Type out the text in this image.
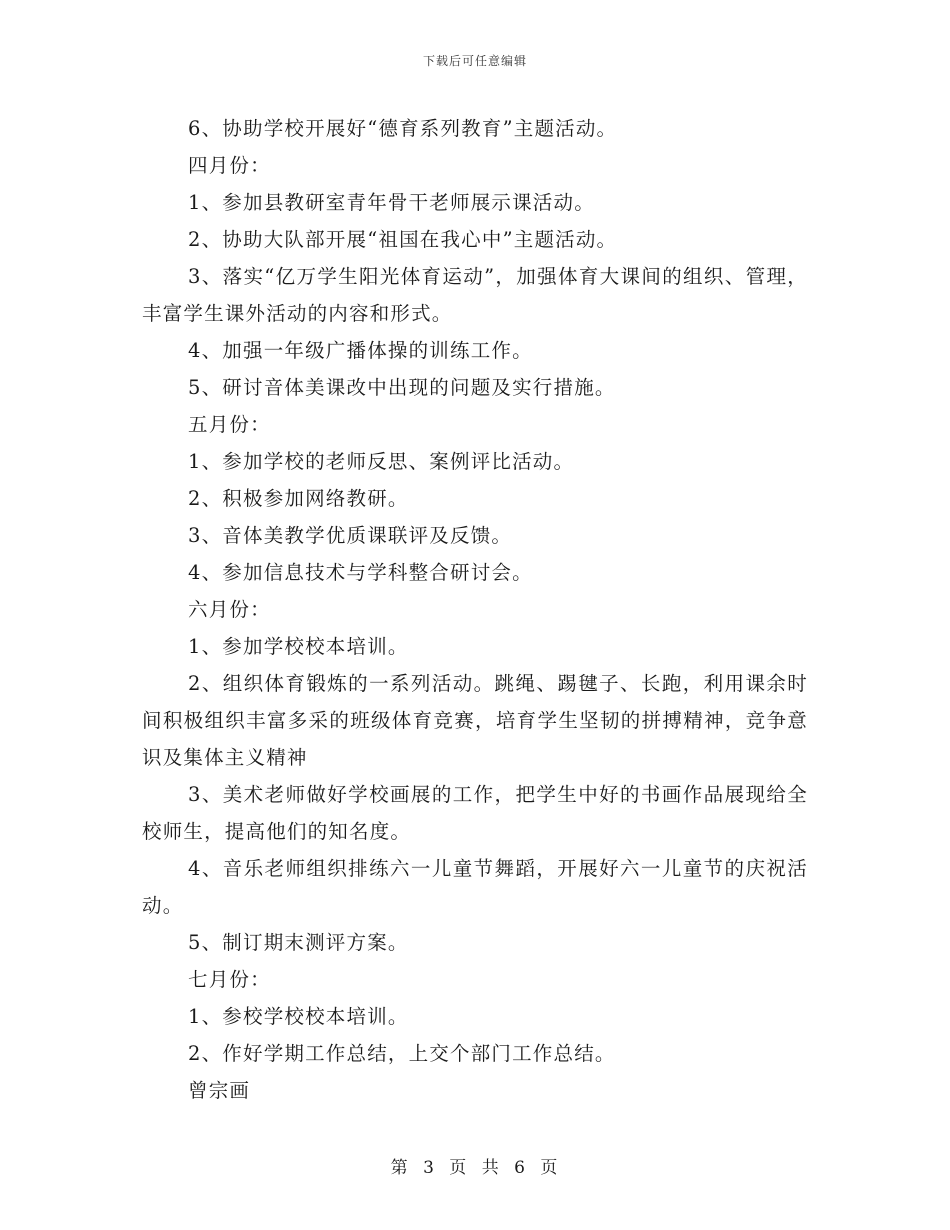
下载后可任意编辑

6、协助学校开展好“德育系列教育”主题活动。

四月份：

1、参加县教研室青年骨干老师展示课活动。

2、协助大队部开展“祖国在我心中”主题活动。

3、落实“亿万学生阳光体育运动”，加强体育大课间的组织、管理，丰富学生课外活动的内容和形式。

4、加强一年级广播体操的训练工作。

5、研讨音体美课改中出现的问题及实行措施。

五月份：

1、参加学校的老师反思、案例评比活动。

2、积极参加网络教研。

3、音体美教学优质课联评及反馈。

4、参加信息技术与学科整合研讨会。

六月份：

1、参加学校校本培训。

2、组织体育锻炼的一系列活动。跳绳、踢毽子、长跑，利用课余时间积极组织丰富多采的班级体育竞赛，培育学生坚韧的拼搏精神，竞争意识及集体主义精神

3、美术老师做好学校画展的工作，把学生中好的书画作品展现给全校师生，提高他们的知名度。

4、音乐老师组织排练六一儿童节舞蹈，开展好六一儿童节的庆祝活动。

5、制订期末测评方案。

七月份：

1、参校学校校本培训。

2、作好学期工作总结，上交个部门工作总结。

曾宗画

第 3 页 共 6 页
